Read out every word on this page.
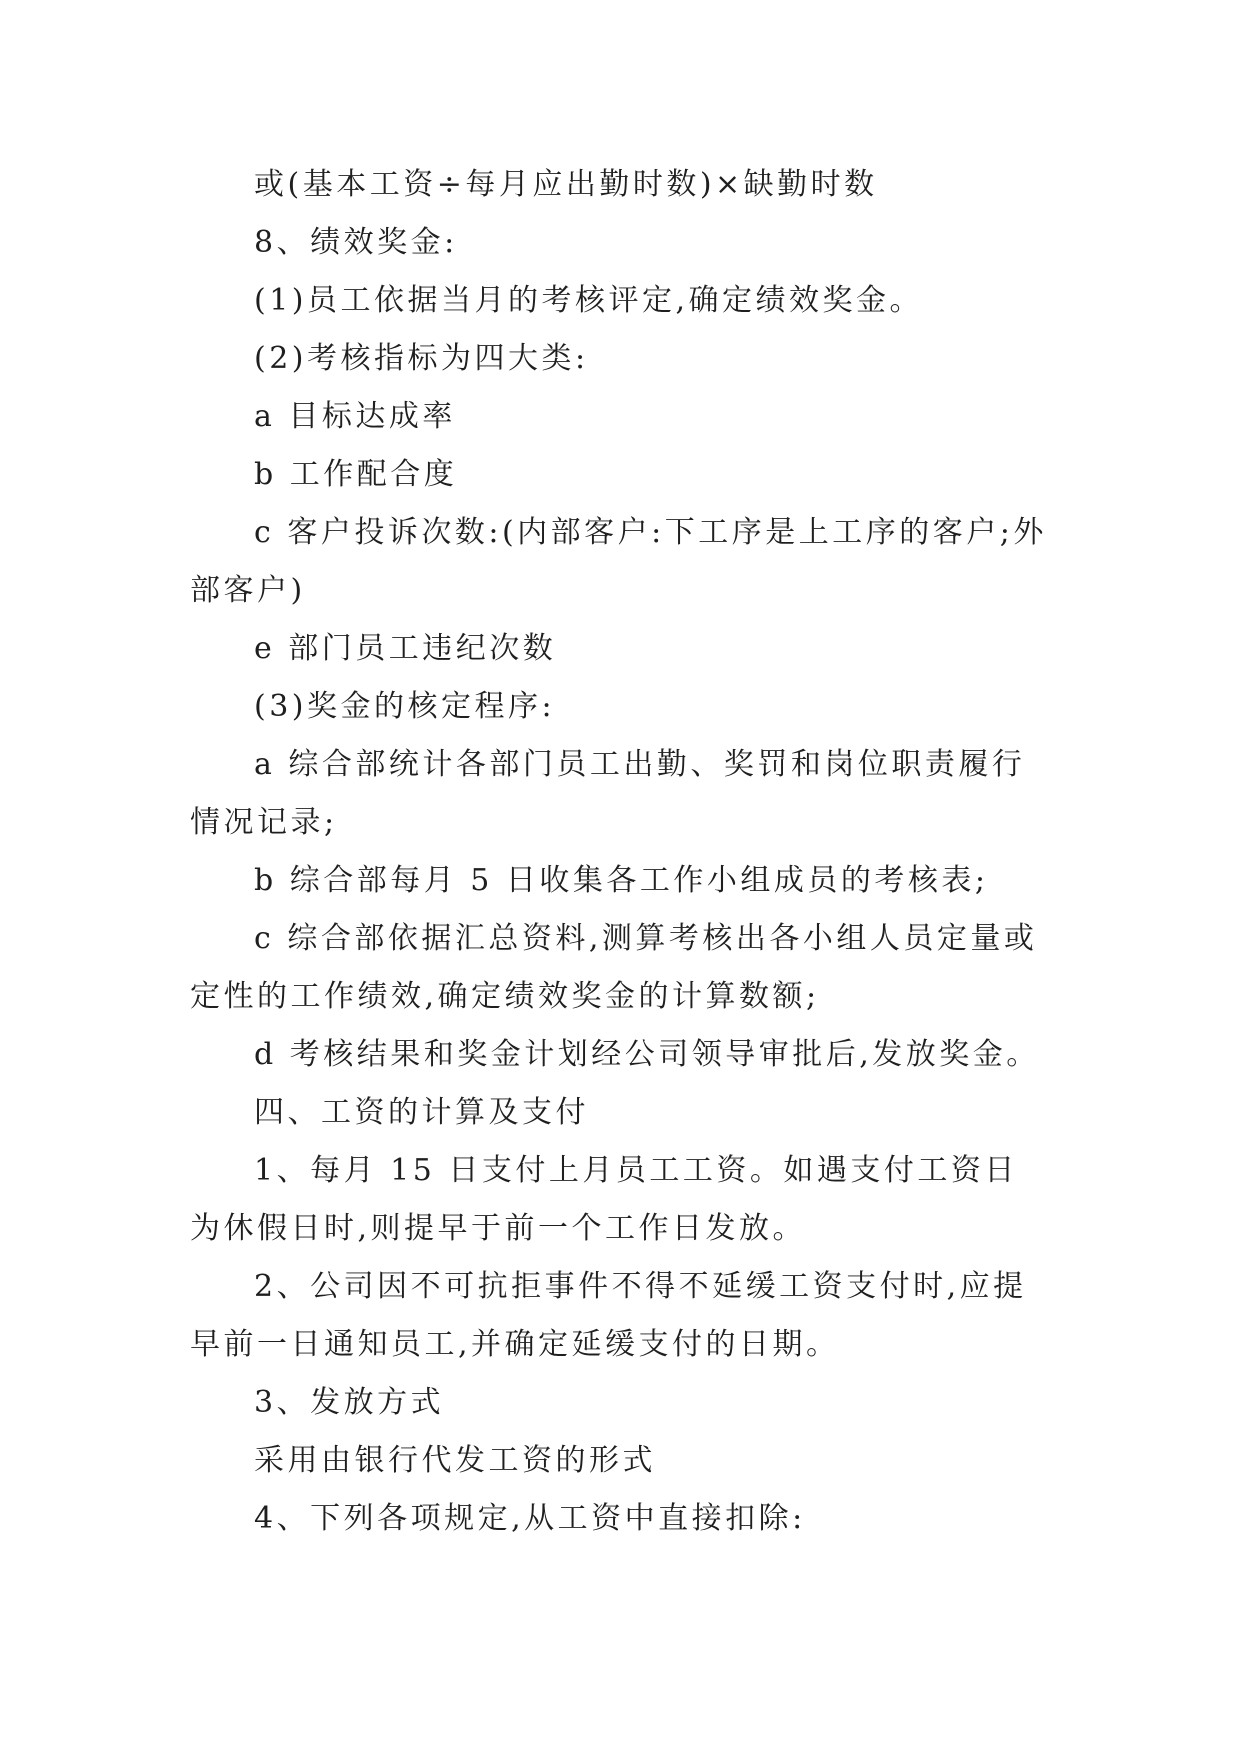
或(基本工资÷每月应出勤时数)×缺勤时数

8、绩效奖金:

(1)员工依据当月的考核评定,确定绩效奖金。

(2)考核指标为四大类:

a 目标达成率

b 工作配合度

c 客户投诉次数:(内部客户:下工序是上工序的客户;外部客户)

e 部门员工违纪次数

(3)奖金的核定程序:

a 综合部统计各部门员工出勤、奖罚和岗位职责履行情况记录;

b 综合部每月 5 日收集各工作小组成员的考核表;

c 综合部依据汇总资料,测算考核出各小组人员定量或定性的工作绩效,确定绩效奖金的计算数额;

d 考核结果和奖金计划经公司领导审批后,发放奖金。

四、工资的计算及支付

1、每月 15 日支付上月员工工资。如遇支付工资日为休假日时,则提早于前一个工作日发放。

2、公司因不可抗拒事件不得不延缓工资支付时,应提早前一日通知员工,并确定延缓支付的日期。

3、发放方式

采用由银行代发工资的形式

4、下列各项规定,从工资中直接扣除:
